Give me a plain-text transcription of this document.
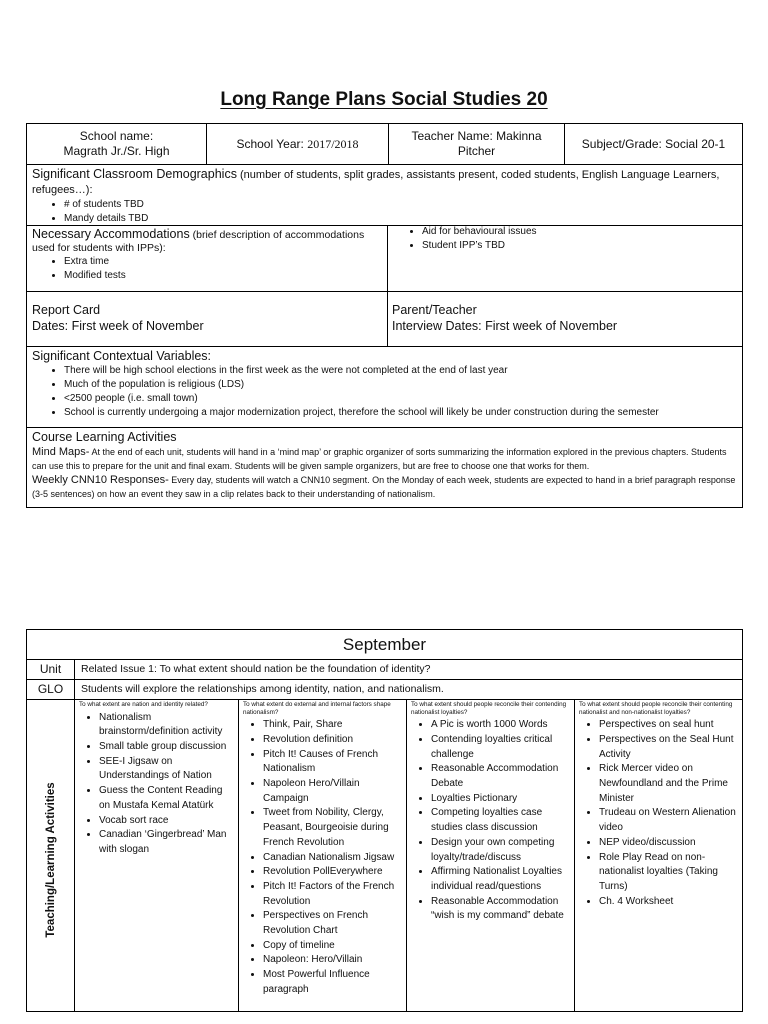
Long Range Plans Social Studies 20
School name:
Magrath Jr./Sr. High
School Year: 2017/2018
Teacher Name: Makinna Pitcher
Subject/Grade: Social 20-1
Significant Classroom Demographics (number of students, split grades, assistants present, coded students, English Language Learners, refugees…):
• # of students TBD
• Mandy details TBD
Necessary Accommodations (brief description of accommodations used for students with IPPs):
• Extra time
• Modified tests
• Aid for behavioural issues
• Student IPP’s TBD
Report Card
Dates: First week of November
Parent/Teacher
Interview Dates: First week of November
Significant Contextual Variables:
• There will be high school elections in the first week as the were not completed at the end of last year
• Much of the population is religious (LDS)
• <2500 people (i.e. small town)
• School is currently undergoing a major modernization project, therefore the school will likely be under construction during the semester
Course Learning Activities

Mind Maps- At the end of each unit, students will hand in a ‘mind map’ or graphic organizer of sorts summarizing the information explored in the previous chapters. Students can use this to prepare for the unit and final exam. Students will be given sample organizers, but are free to choose one that works for them.

Weekly CNN10 Responses- Every day, students will watch a CNN10 segment. On the Monday of each week, students are expected to hand in a brief paragraph response (3-5 sentences) on how an event they saw in a clip relates back to their understanding of nationalism.

September
Unit	Related Issue 1: To what extent should nation be the foundation of identity?
GLO	Students will explore the relationships among identity, nation, and nationalism.
Teaching/Learning Activities

To what extent are nation and identity related?

• Nationalism brainstorm/definition activity
• Small table group discussion
• SEE-I Jigsaw on Understandings of Nation
• Guess the Content Reading on Mustafa Kemal Atatürk
• Vocab sort race
• Canadian ‘Gingerbread’ Man with slogan

To what extent do external and internal factors shape nationalism?

• Think, Pair, Share
• Revolution definition
• Pitch It! Causes of French Nationalism
• Napoleon Hero/Villain Campaign
• Tweet from Nobility, Clergy, Peasant, Bourgeoisie during French Revolution
• Canadian Nationalism Jigsaw
• Revolution PollEverywhere
• Pitch It! Factors of the French Revolution
• Perspectives on French Revolution Chart
• Copy of timeline
• Napoleon: Hero/Villain
• Most Powerful Influence paragraph

To what extent should people reconcile their contending nationalist loyalties?

• A Pic is worth 1000 Words
• Contending loyalties critical challenge
• Reasonable Accommodation Debate
• Loyalties Pictionary
• Competing loyalties case studies class discussion
• Design your own competing loyalty/trade/discuss
• Affirming Nationalist Loyalties individual read/questions
• Reasonable Accommodation “wish is my command” debate

To what extent should people reconcile their contenting nationalist and non-nationalist loyalties?

• Perspectives on seal hunt
• Perspectives on the Seal Hunt Activity
• Rick Mercer video on Newfoundland and the Prime Minister
• Trudeau on Western Alienation video
• NEP video/discussion
• Role Play Read on non-nationalist loyalties (Taking Turns)
• Ch. 4 Worksheet
